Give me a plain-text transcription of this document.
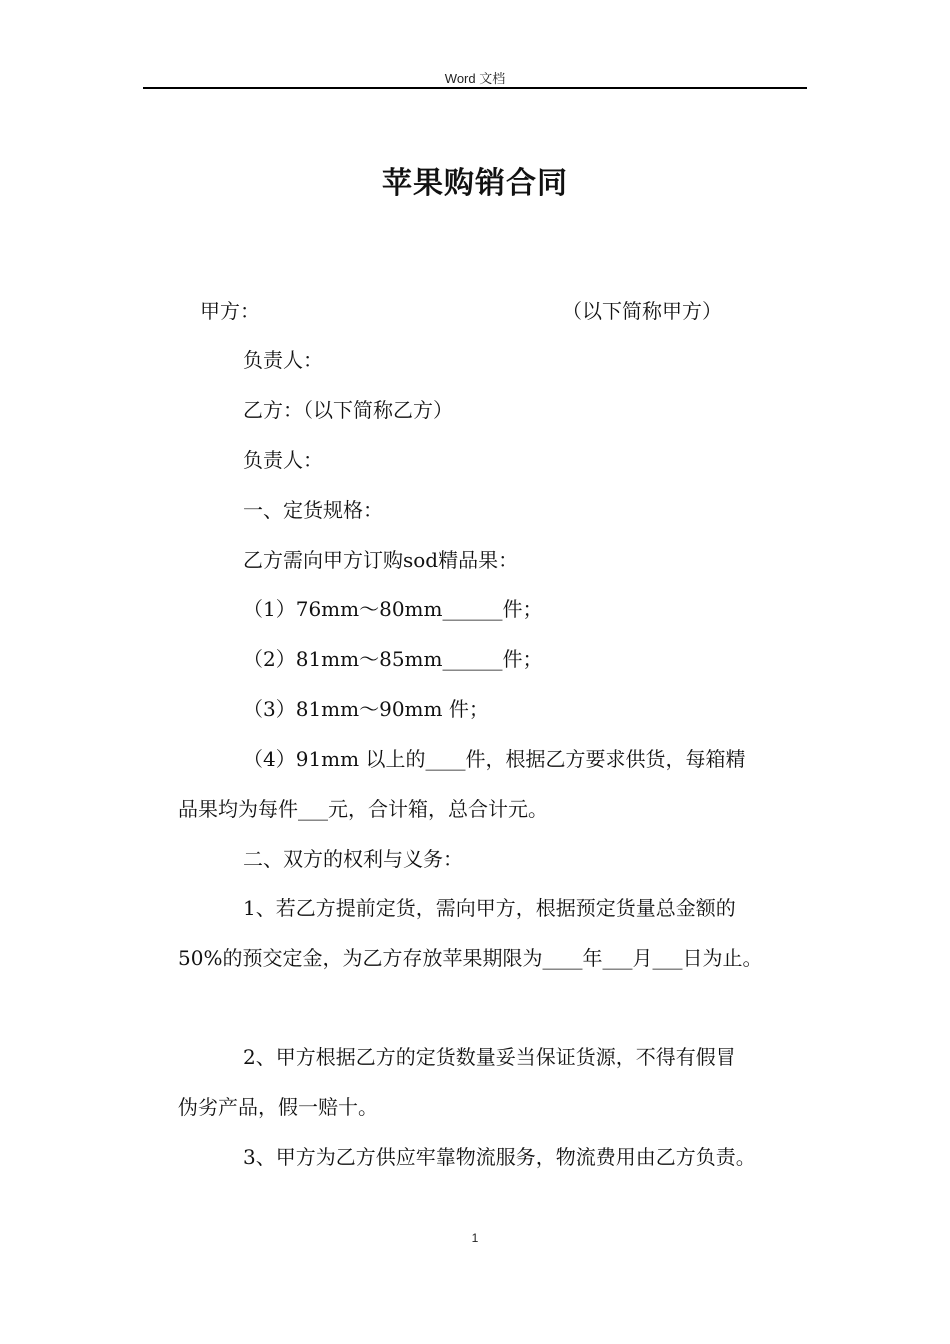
Word 文档
苹果购销合同
甲方：	（以下简称甲方）
负责人：
乙方：（以下简称乙方）
负责人：
一、定货规格：
乙方需向甲方订购sod精品果：
（1）76mm～80mm______件；
（2）81mm～85mm______件；
（3）81mm～90mm 件；
（4）91mm 以上的____件，根据乙方要求供货，每箱精
品果均为每件___元，合计箱，总合计元。
二、双方的权利与义务：
1、若乙方提前定货，需向甲方，根据预定货量总金额的
50%的预交定金，为乙方存放苹果期限为____年___月___日为止。
2、甲方根据乙方的定货数量妥当保证货源，不得有假冒
伪劣产品，假一赔十。
3、甲方为乙方供应牢靠物流服务，物流费用由乙方负责。
1
